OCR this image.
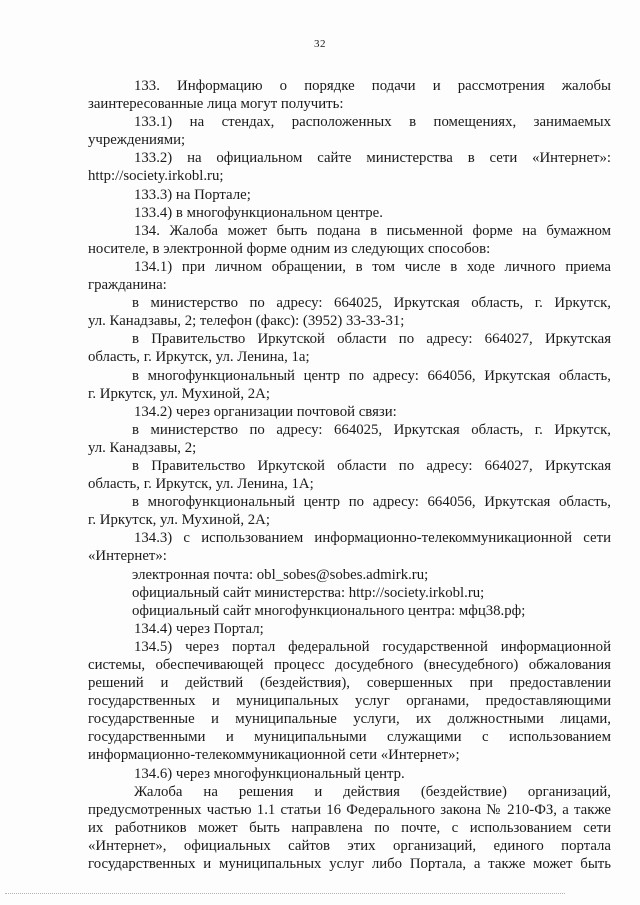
32
133. Информацию о порядке подачи и рассмотрения жалобы
заинтересованные лица могут получить:
133.1) на стендах, расположенных в помещениях, занимаемых
учреждениями;
133.2) на официальном сайте министерства в сети «Интернет»:
http://society.irkobl.ru;
133.3) на Портале;
133.4) в многофункциональном центре.
134. Жалоба может быть подана в письменной форме на бумажном
носителе, в электронной форме одним из следующих способов:
134.1) при личном обращении, в том числе в ходе личного приема
гражданина:
в министерство по адресу: 664025, Иркутская область, г. Иркутск,
ул. Канадзавы, 2; телефон (факс): (3952) 33-33-31;
в Правительство Иркутской области по адресу: 664027, Иркутская
область, г. Иркутск, ул. Ленина, 1а;
в многофункциональный центр по адресу: 664056, Иркутская область,
г. Иркутск, ул. Мухиной, 2А;
134.2) через организации почтовой связи:
в министерство по адресу: 664025, Иркутская область, г. Иркутск,
ул. Канадзавы, 2;
в Правительство Иркутской области по адресу: 664027, Иркутская
область, г. Иркутск, ул. Ленина, 1А;
в многофункциональный центр по адресу: 664056, Иркутская область,
г. Иркутск, ул. Мухиной, 2А;
134.3) с использованием информационно-телекоммуникационной сети
«Интернет»:
электронная почта: obl_sobes@sobes.admirk.ru;
официальный сайт министерства: http://society.irkobl.ru;
официальный сайт многофункционального центра: мфц38.рф;
134.4) через Портал;
134.5) через портал федеральной государственной информационной
системы, обеспечивающей процесс досудебного (внесудебного) обжалования
решений и действий (бездействия), совершенных при предоставлении
государственных и муниципальных услуг органами, предоставляющими
государственные и муниципальные услуги, их должностными лицами,
государственными и муниципальными служащими с использованием
информационно-телекоммуникационной сети «Интернет»;
134.6) через многофункциональный центр.
Жалоба на решения и действия (бездействие) организаций,
предусмотренных частью 1.1 статьи 16 Федерального закона № 210-ФЗ, а также
их работников может быть направлена по почте, с использованием сети
«Интернет», официальных сайтов этих организаций, единого портала
государственных и муниципальных услуг либо Портала, а также может быть
